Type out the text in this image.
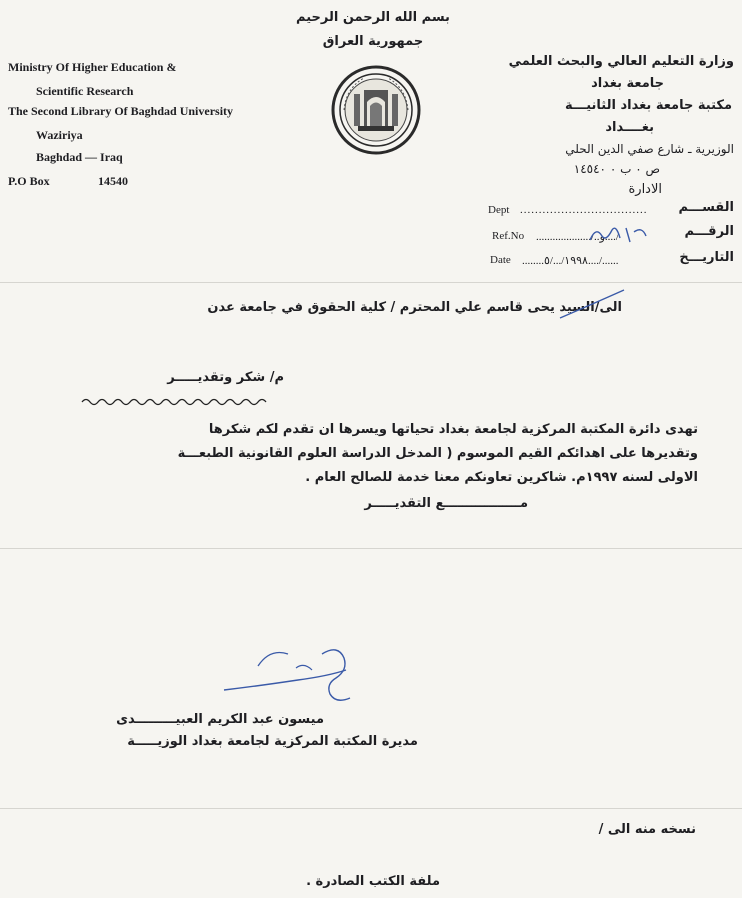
بسم الله الرحمن الرحيم
جمهورية العراق
Ministry Of Higher Education &
Scientific Research
The Second Library Of Baghdad University
Waziriya
Baghdad — Iraq
P.O Box	14540
وزارة التعليم العالي والبحث العلمي
جامعة بغداد
مكتبة جامعة بغداد الثانيـــة
بغــــداد
الوزيرية ـ شارع صفي الدين الحلي
ص ٠ ب ٠ ١٤٥٤٠
الادارة
Dept .................................. القســـم
Ref.No ..................../..و..../	الرقـــم
Date ........١٩٩٨/.../٥..../......	التاريـــخ
الى/السيد يحى قاسم علي المحترم / كلية الحقوق في جامعة عدن
م/ شكر وتقديـــــر
تهدى دائرة المكتبة المركزية لجامعة بغداد تحياتها ويسرها ان تقدم لكم شكرها
وتقديرها على اهدائكم القيم الموسوم ( المدخل الدراسة العلوم القانونية الطبعـــة
الاولى لسنه ١٩٩٧م. شاكرين تعاونكم معنا خدمة للصالح العام .
مـــــــــــــــــع التقديـــــر
ميسون عبد الكريم العبيـــــــــدى
مديرة المكتبة المركزية لجامعة بغداد الوزيـــــة
نسخه منه الى /
ملفة الكتب الصادرة .
